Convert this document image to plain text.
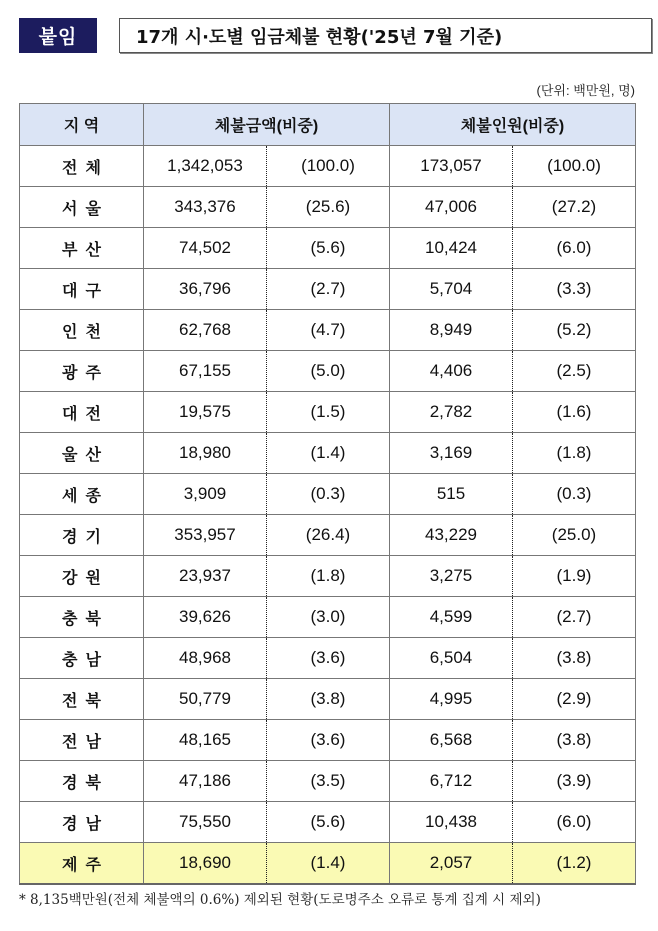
붙임	17개 시·도별 임금체불 현황('25년 7월 기준)
(단위: 백만원, 명)
지 역	체불금액(비중)		체불인원(비중)	
전체	1,342,053	(100.0)	173,057	(100.0)
서울	343,376	(25.6)	47,006	(27.2)
부산	74,502	(5.6)	10,424	(6.0)
대구	36,796	(2.7)	5,704	(3.3)
인천	62,768	(4.7)	8,949	(5.2)
광주	67,155	(5.0)	4,406	(2.5)
대전	19,575	(1.5)	2,782	(1.6)
울산	18,980	(1.4)	3,169	(1.8)
세종	3,909	(0.3)	515	(0.3)
경기	353,957	(26.4)	43,229	(25.0)
강원	23,937	(1.8)	3,275	(1.9)
충북	39,626	(3.0)	4,599	(2.7)
충남	48,968	(3.6)	6,504	(3.8)
전북	50,779	(3.8)	4,995	(2.9)
전남	48,165	(3.6)	6,568	(3.8)
경북	47,186	(3.5)	6,712	(3.9)
경남	75,550	(5.6)	10,438	(6.0)
제주	18,690	(1.4)	2,057	(1.2)
* 8,135백만원(전체 체불액의 0.6%) 제외된 현황(도로명주소 오류로 통계 집계 시 제외)
